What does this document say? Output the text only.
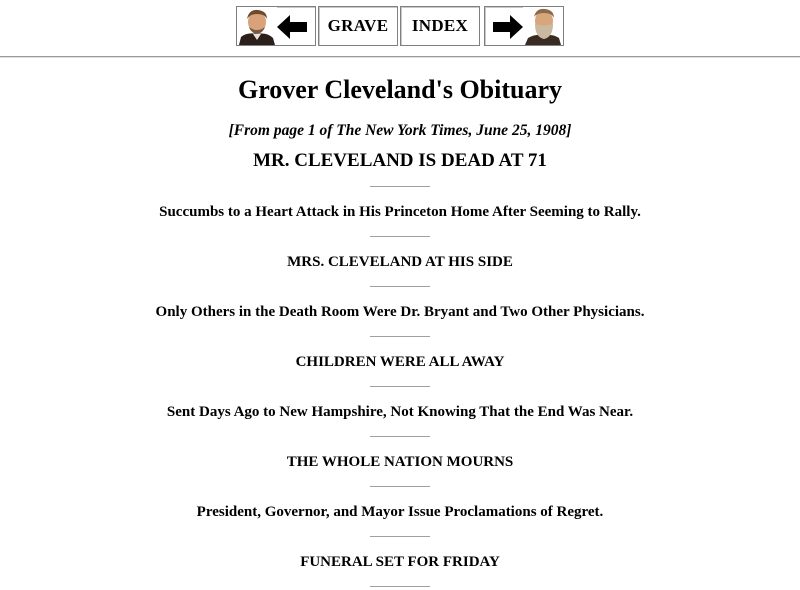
GRAVE INDEX
Grover Cleveland's Obituary

[From page 1 of The New York Times, June 25, 1908]

MR. CLEVELAND IS DEAD AT 71

Succumbs to a Heart Attack in His Princeton Home After Seeming to Rally.

MRS. CLEVELAND AT HIS SIDE

Only Others in the Death Room Were Dr. Bryant and Two Other Physicians.

CHILDREN WERE ALL AWAY

Sent Days Ago to New Hampshire, Not Knowing That the End Was Near.

THE WHOLE NATION MOURNS

President, Governor, and Mayor Issue Proclamations of Regret.

FUNERAL SET FOR FRIDAY
